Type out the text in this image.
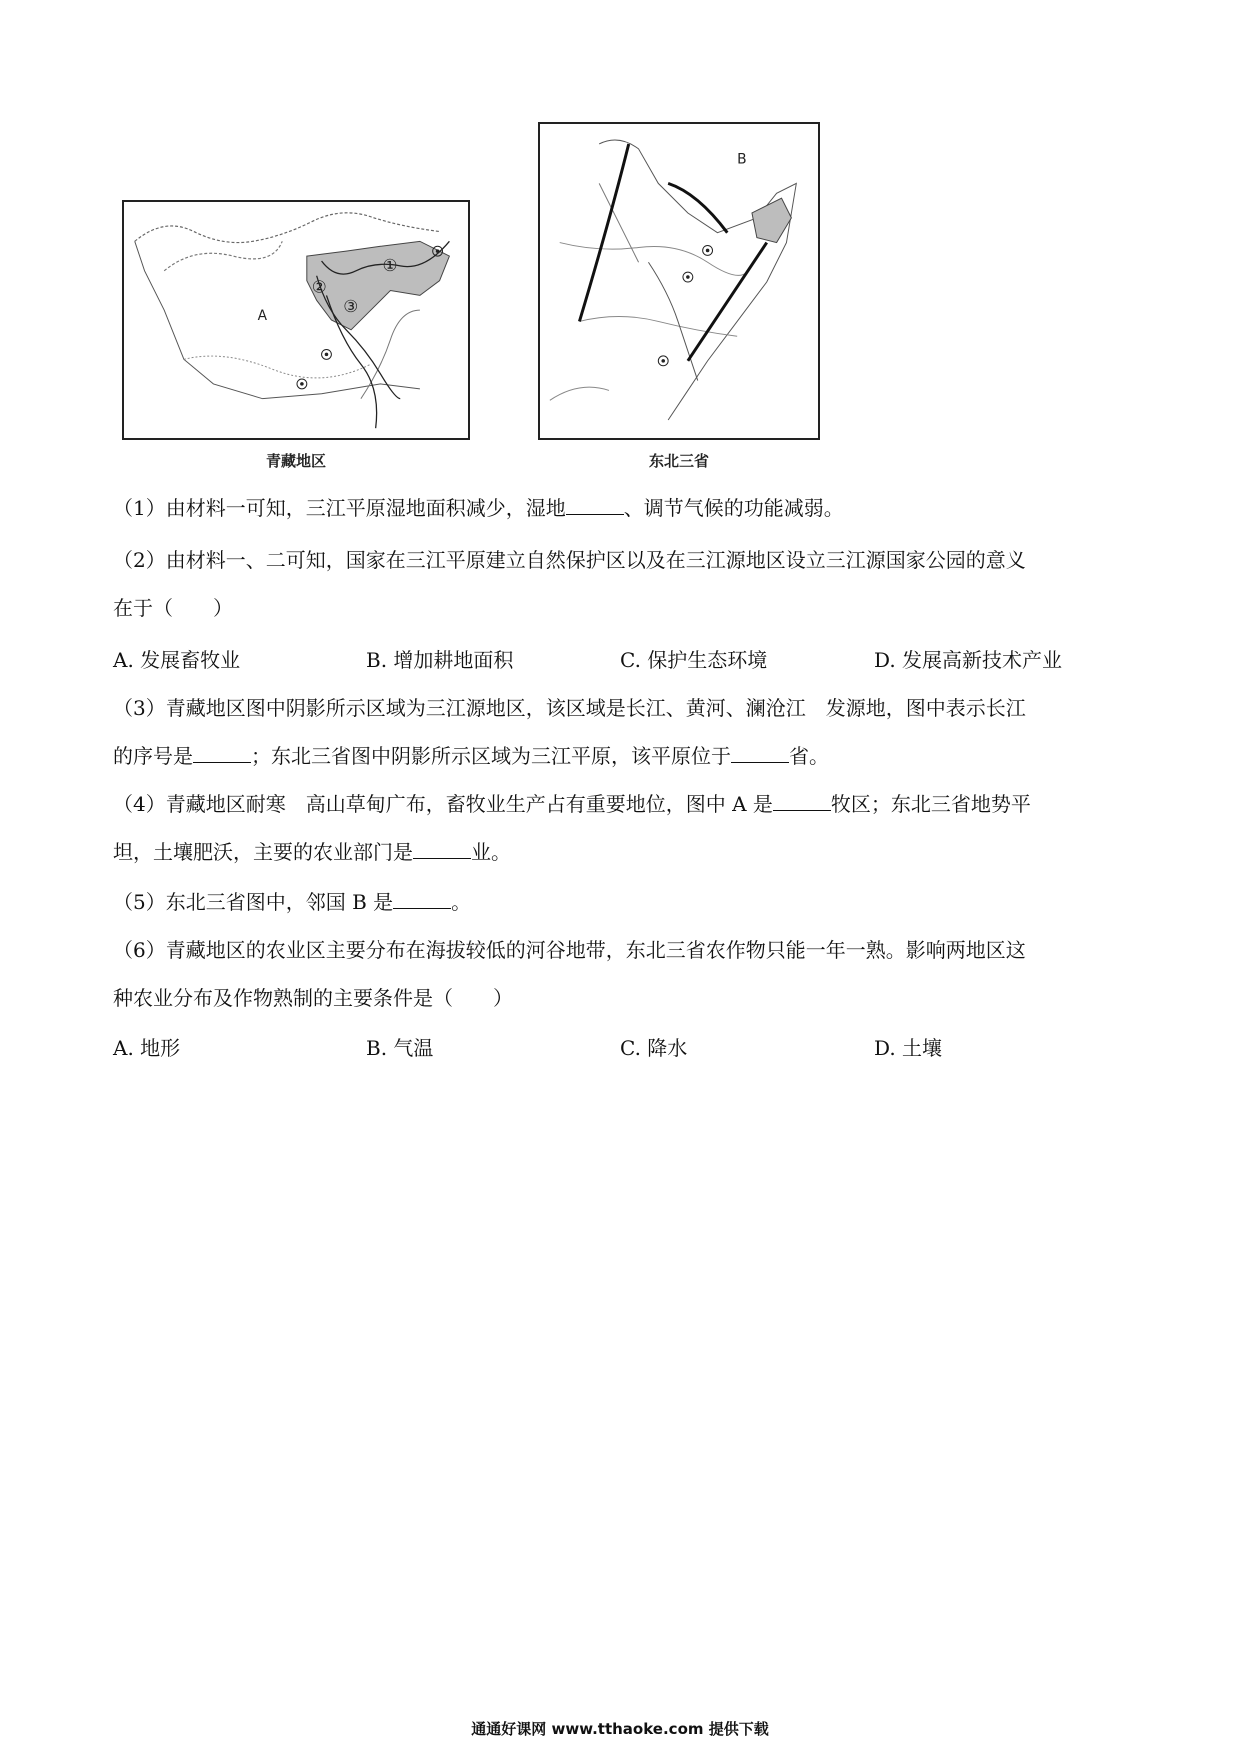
A
①
②
③
青藏地区
B
东北三省
（1）由材料一可知，三江平原湿地面积减少，湿地	、调节气候的功能减弱。
（2）由材料一、二可知，国家在三江平原建立自然保护区以及在三江源地区设立三江源国家公园的意义
在于（　　）
A. 发展畜牧业	B. 增加耕地面积	C. 保护生态环境	D. 发展高新技术产业
（3）青藏地区图中阴影所示区域为三江源地区，该区域是长江、黄河、澜沧江　发源地，图中表示长江
的序号是	；东北三省图中阴影所示区域为三江平原，该平原位于	省。
（4）青藏地区耐寒　高山草甸广布，畜牧业生产占有重要地位，图中 A 是	牧区；东北三省地势平
坦，土壤肥沃，主要的农业部门是	业。
（5）东北三省图中，邻国 B 是	。
（6）青藏地区的农业区主要分布在海拔较低的河谷地带，东北三省农作物只能一年一熟。影响两地区这
种农业分布及作物熟制的主要条件是（　　）
A. 地形	B. 气温	C. 降水	D. 土壤
通通好课网 www.tthaoke.com 提供下载
